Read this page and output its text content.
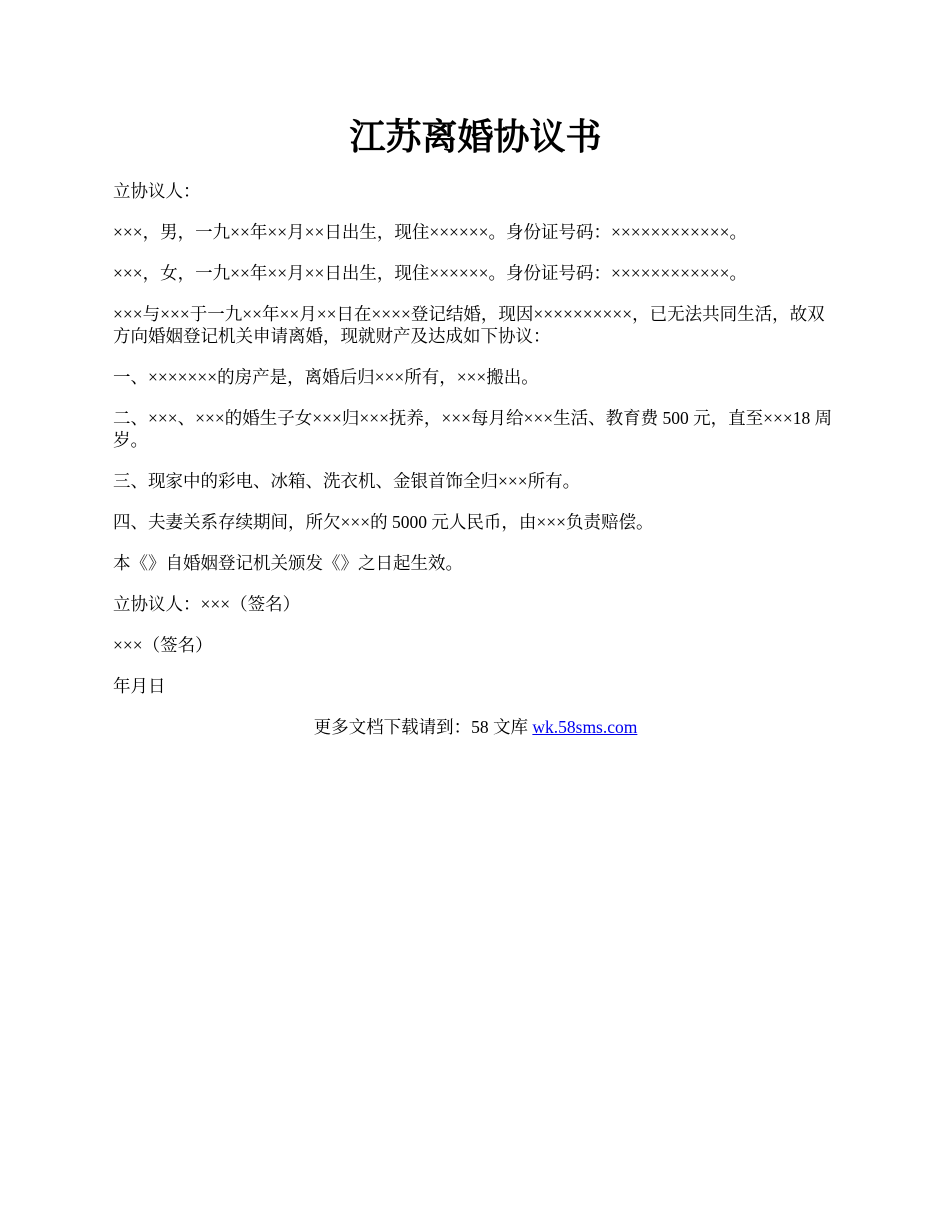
江苏离婚协议书

立协议人：

×××，男，一九××年××月××日出生，现住××××××。身份证号码：××××××××××××。

×××，女，一九××年××月××日出生，现住××××××。身份证号码：××××××××××××。

×××与×××于一九××年××月××日在××××登记结婚，现因××××××××××，已无法共同生活，故双方向婚姻登记机关申请离婚，现就财产及达成如下协议：

一、×××××××的房产是，离婚后归×××所有，×××搬出。

二、×××、×××的婚生子女×××归×××抚养，×××每月给×××生活、教育费 500 元，直至×××18 周岁。

三、现家中的彩电、冰箱、洗衣机、金银首饰全归×××所有。

四、夫妻关系存续期间，所欠×××的 5000 元人民币，由×××负责赔偿。

本《》自婚姻登记机关颁发《》之日起生效。

立协议人：×××（签名）

×××（签名）

年月日

更多文档下载请到：58 文库 wk.58sms.com
